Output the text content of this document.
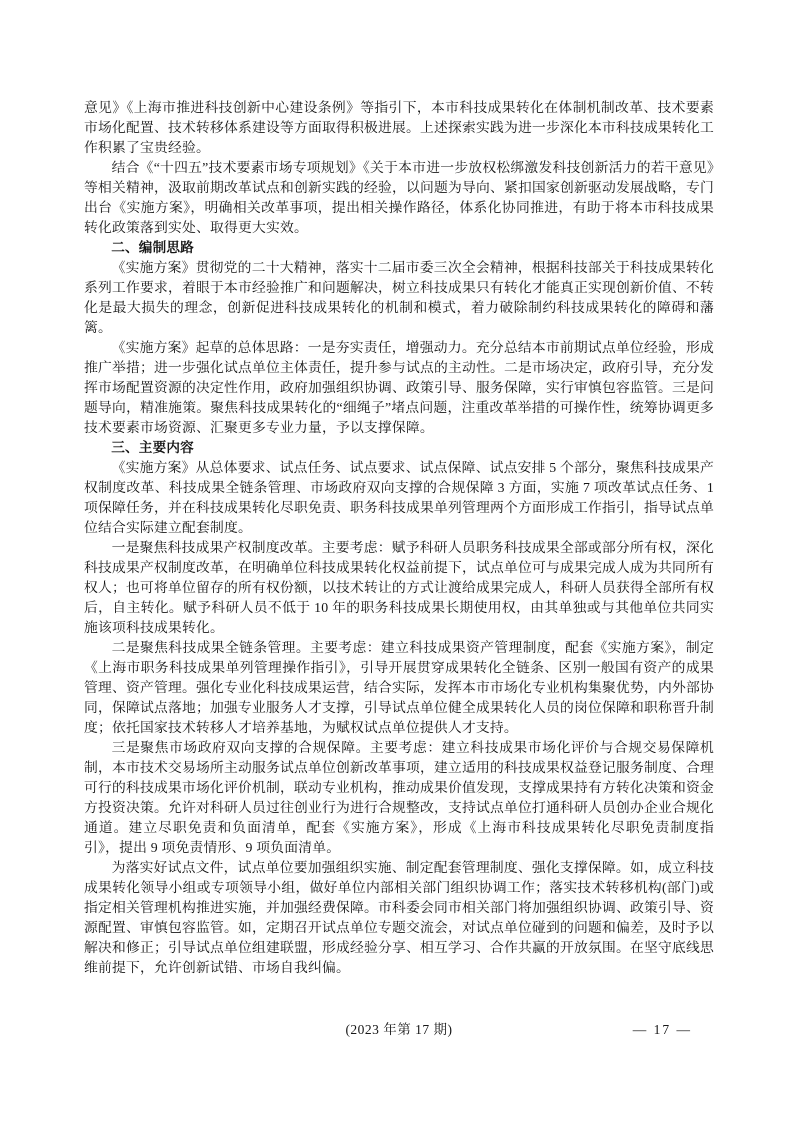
意见》《上海市推进科技创新中心建设条例》等指引下，本市科技成果转化在体制机制改革、技术要素市场化配置、技术转移体系建设等方面取得积极进展。上述探索实践为进一步深化本市科技成果转化工作积累了宝贵经验。

结合《“十四五”技术要素市场专项规划》《关于本市进一步放权松绑激发科技创新活力的若干意见》等相关精神，汲取前期改革试点和创新实践的经验，以问题为导向、紧扣国家创新驱动发展战略，专门出台《实施方案》，明确相关改革事项，提出相关操作路径，体系化协同推进，有助于将本市科技成果转化政策落到实处、取得更大实效。

二、编制思路

《实施方案》贯彻党的二十大精神，落实十二届市委三次全会精神，根据科技部关于科技成果转化系列工作要求，着眼于本市经验推广和问题解决，树立科技成果只有转化才能真正实现创新价值、不转化是最大损失的理念，创新促进科技成果转化的机制和模式，着力破除制约科技成果转化的障碍和藩篱。

《实施方案》起草的总体思路：一是夯实责任，增强动力。充分总结本市前期试点单位经验，形成推广举措；进一步强化试点单位主体责任，提升参与试点的主动性。二是市场决定，政府引导，充分发挥市场配置资源的决定性作用，政府加强组织协调、政策引导、服务保障，实行审慎包容监管。三是问题导向，精准施策。聚焦科技成果转化的“细绳子”堵点问题，注重改革举措的可操作性，统筹协调更多技术要素市场资源、汇聚更多专业力量，予以支撑保障。

三、主要内容

《实施方案》从总体要求、试点任务、试点要求、试点保障、试点安排 5 个部分，聚焦科技成果产权制度改革、科技成果全链条管理、市场政府双向支撑的合规保障 3 方面，实施 7 项改革试点任务、1 项保障任务，并在科技成果转化尽职免责、职务科技成果单列管理两个方面形成工作指引，指导试点单位结合实际建立配套制度。

一是聚焦科技成果产权制度改革。主要考虑：赋予科研人员职务科技成果全部或部分所有权，深化科技成果产权制度改革，在明确单位科技成果转化权益前提下，试点单位可与成果完成人成为共同所有权人；也可将单位留存的所有权份额，以技术转让的方式让渡给成果完成人，科研人员获得全部所有权后，自主转化。赋予科研人员不低于 10 年的职务科技成果长期使用权，由其单独或与其他单位共同实施该项科技成果转化。

二是聚焦科技成果全链条管理。主要考虑：建立科技成果资产管理制度，配套《实施方案》，制定《上海市职务科技成果单列管理操作指引》，引导开展贯穿成果转化全链条、区别一般国有资产的成果管理、资产管理。强化专业化科技成果运营，结合实际，发挥本市市场化专业机构集聚优势，内外部协同，保障试点落地；加强专业服务人才支撑，引导试点单位健全成果转化人员的岗位保障和职称晋升制度；依托国家技术转移人才培养基地，为赋权试点单位提供人才支持。

三是聚焦市场政府双向支撑的合规保障。主要考虑：建立科技成果市场化评价与合规交易保障机制，本市技术交易场所主动服务试点单位创新改革事项，建立适用的科技成果权益登记服务制度、合理可行的科技成果市场化评价机制，联动专业机构，推动成果价值发现，支撑成果持有方转化决策和资金方投资决策。允许对科研人员过往创业行为进行合规整改，支持试点单位打通科研人员创办企业合规化通道。建立尽职免责和负面清单，配套《实施方案》，形成《上海市科技成果转化尽职免责制度指引》，提出 9 项免责情形、9 项负面清单。

为落实好试点文件，试点单位要加强组织实施、制定配套管理制度、强化支撑保障。如，成立科技成果转化领导小组或专项领导小组，做好单位内部相关部门组织协调工作；落实技术转移机构(部门)或指定相关管理机构推进实施，并加强经费保障。市科委会同市相关部门将加强组织协调、政策引导、资源配置、审慎包容监管。如，定期召开试点单位专题交流会，对试点单位碰到的问题和偏差，及时予以解决和修正；引导试点单位组建联盟，形成经验分享、相互学习、合作共赢的开放氛围。在坚守底线思维前提下，允许创新试错、市场自我纠偏。

(2023 年第 17 期)	— 17 —
